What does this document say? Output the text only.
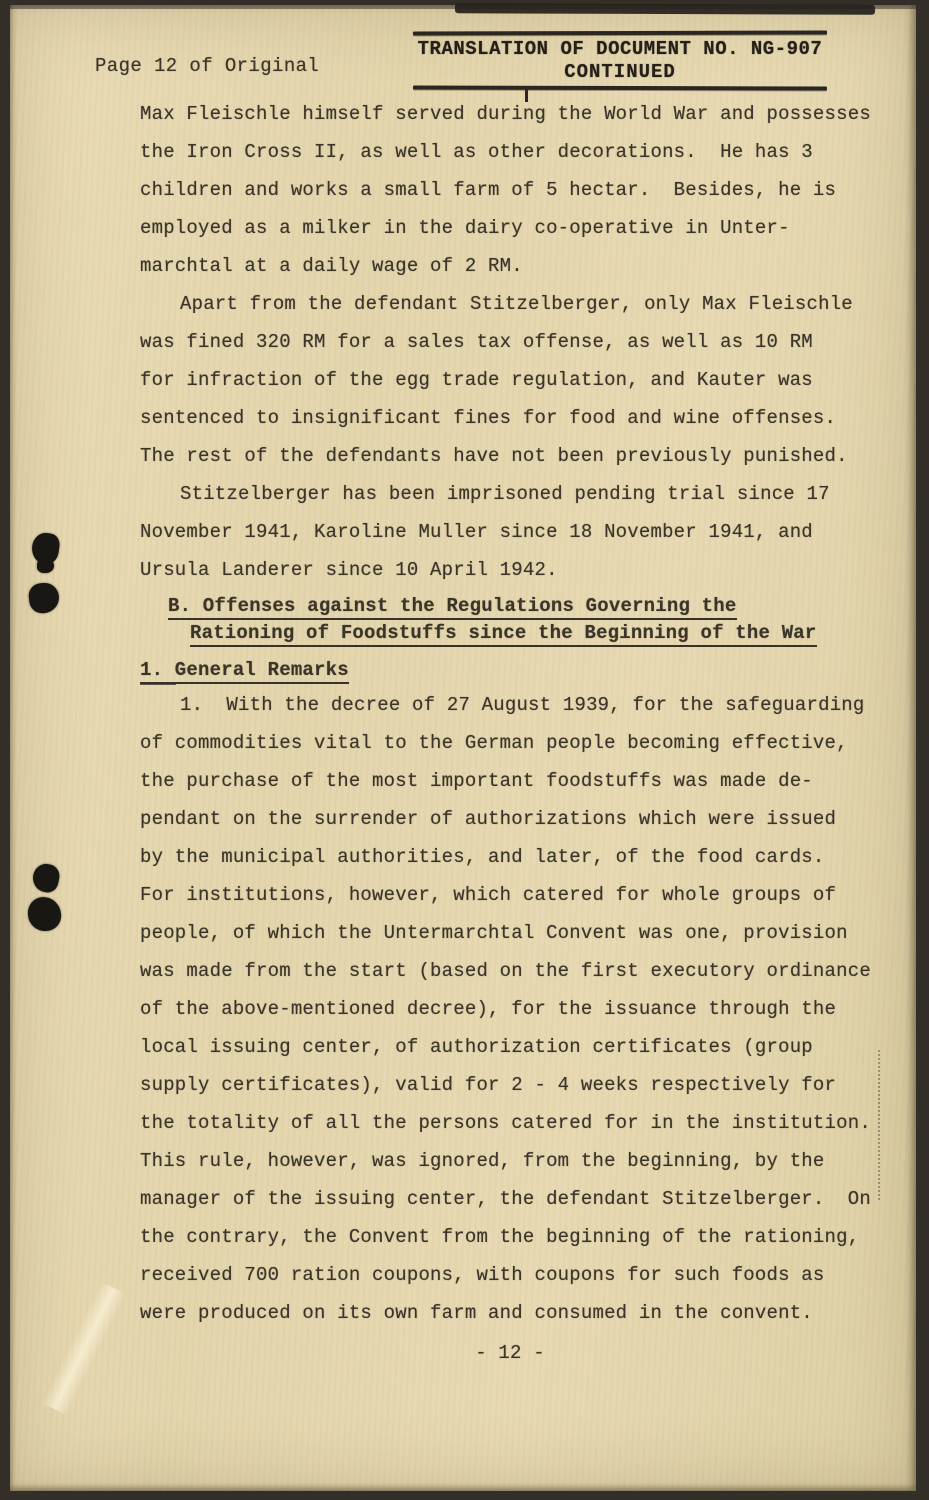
Page 12 of Original
TRANSLATION OF DOCUMENT NO. NG-907
CONTINUED
Max Fleischle himself served during the World War and possesses
the Iron Cross II, as well as other decorations.  He has 3
children and works a small farm of 5 hectar.  Besides, he is
employed as a milker in the dairy co-operative in Unter-
marchtal at a daily wage of 2 RM.
Apart from the defendant Stitzelberger, only Max Fleischle
was fined 320 RM for a sales tax offense, as well as 10 RM
for infraction of the egg trade regulation, and Kauter was
sentenced to insignificant fines for food and wine offenses.
The rest of the defendants have not been previously punished.
Stitzelberger has been imprisoned pending trial since 17
November 1941, Karoline Muller since 18 November 1941, and
Ursula Landerer since 10 April 1942.
B. Offenses against the Regulations Governing the
Rationing of Foodstuffs since the Beginning of the War
1. General Remarks
1.  With the decree of 27 August 1939, for the safeguarding
of commodities vital to the German people becoming effective,
the purchase of the most important foodstuffs was made de-
pendant on the surrender of authorizations which were issued
by the municipal authorities, and later, of the food cards.
For institutions, however, which catered for whole groups of
people, of which the Untermarchtal Convent was one, provision
was made from the start (based on the first executory ordinance
of the above-mentioned decree), for the issuance through the
local issuing center, of authorization certificates (group
supply certificates), valid for 2 - 4 weeks respectively for
the totality of all the persons catered for in the institution.
This rule, however, was ignored, from the beginning, by the
manager of the issuing center, the defendant Stitzelberger.  On
the contrary, the Convent from the beginning of the rationing,
received 700 ration coupons, with coupons for such foods as
were produced on its own farm and consumed in the convent.
- 12 -
